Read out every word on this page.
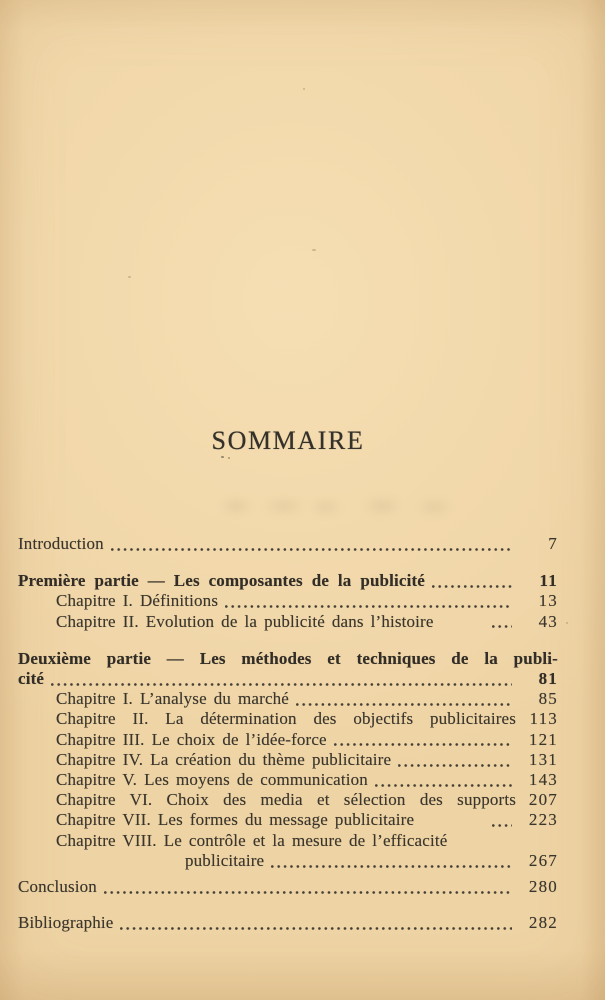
SOMMAIRE
Introduction	7
Première partie — Les composantes de la publicité	11
Chapitre I. Définitions	13
Chapitre II. Evolution de la publicité dans l’histoire	43
Deuxième partie — Les méthodes et techniques de la publi-
cité	81
Chapitre I. L’analyse du marché	85
Chapitre II. La détermination des objectifs publicitaires 113
Chapitre III. Le choix de l’idée-force	121
Chapitre IV. La création du thème publicitaire	131
Chapitre V. Les moyens de communication	143
Chapitre VI. Choix des media et sélection des supports 207
Chapitre VII. Les formes du message publicitaire	223
Chapitre VIII. Le contrôle et la mesure de l’efficacité
publicitaire	267
Conclusion	280
Bibliographie	282
